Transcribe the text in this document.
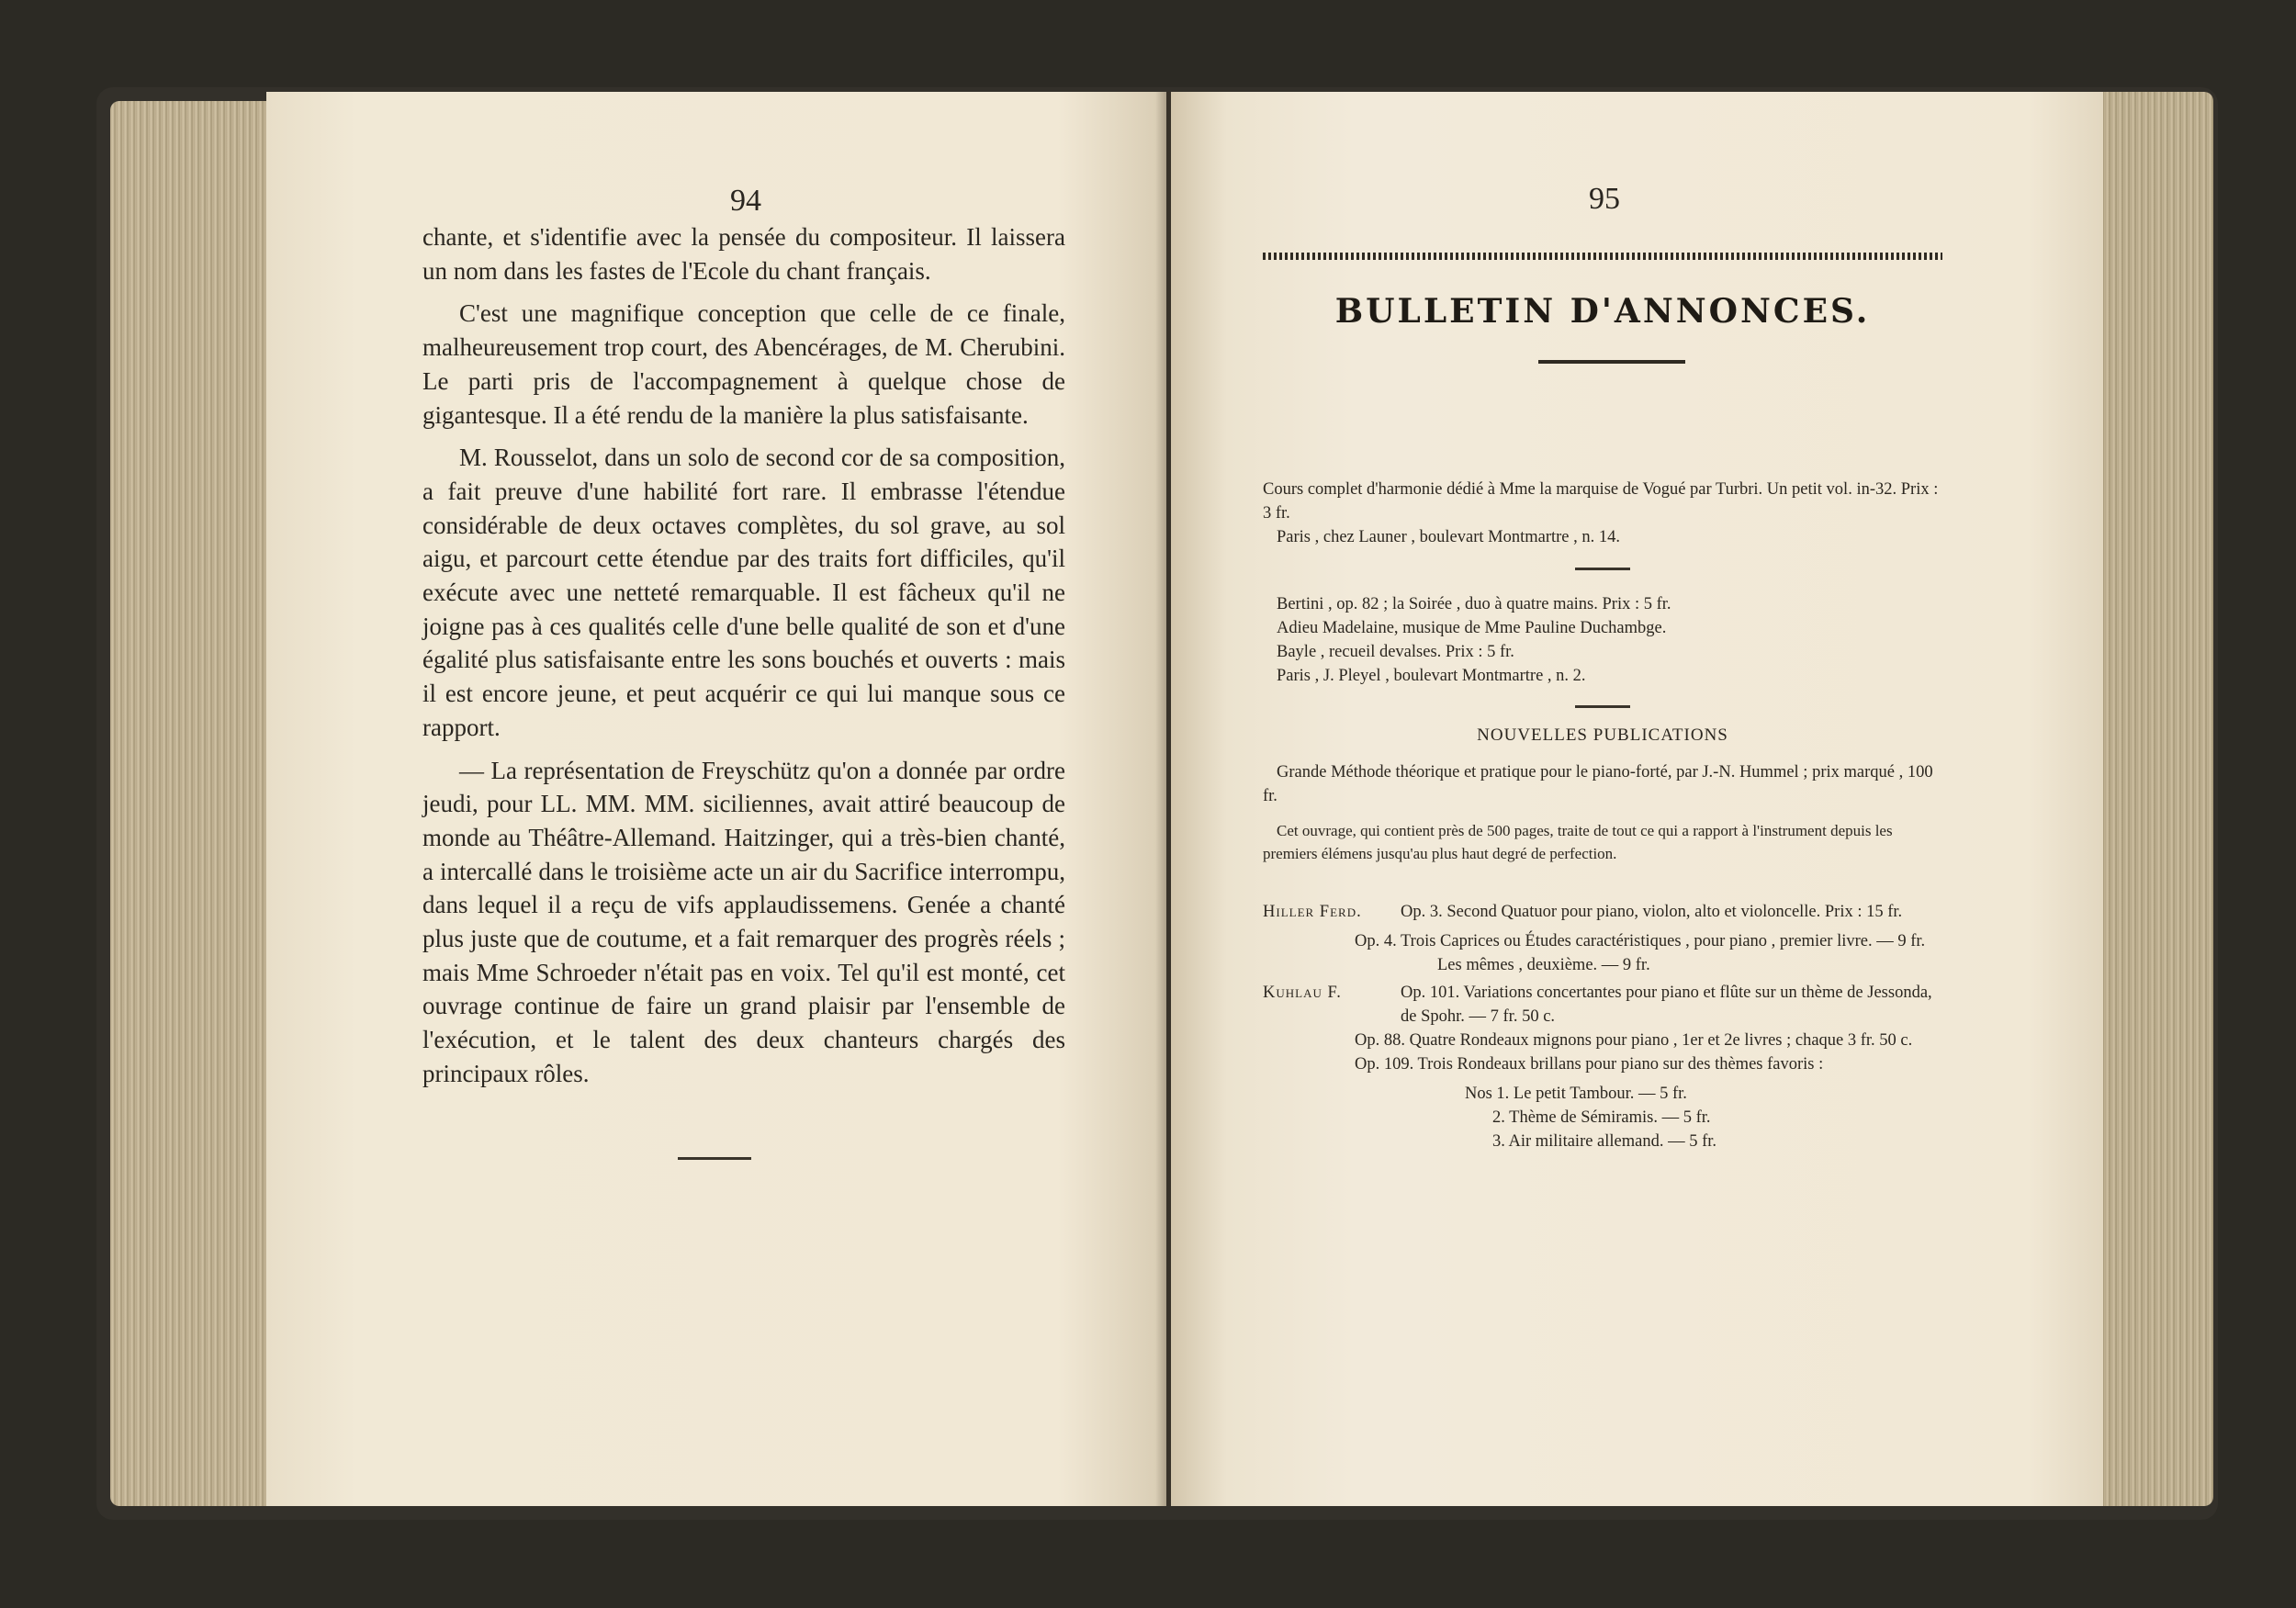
94

chante, et s'identifie avec la pensée du compositeur. Il laissera un nom dans les fastes de l'Ecole du chant français.

C'est une magnifique conception que celle de ce finale, malheureusement trop court, des Abencérages, de M. Cherubini. Le parti pris de l'accompagnement à quelque chose de gigantesque. Il a été rendu de la manière la plus satisfaisante.

M. Rousselot, dans un solo de second cor de sa composition, a fait preuve d'une habilité fort rare. Il embrasse l'étendue considérable de deux octaves complètes, du sol grave, au sol aigu, et parcourt cette étendue par des traits fort difficiles, qu'il exécute avec une netteté remarquable. Il est fâcheux qu'il ne joigne pas à ces qualités celle d'une belle qualité de son et d'une égalité plus satisfaisante entre les sons bouchés et ouverts : mais il est encore jeune, et peut acquérir ce qui lui manque sous ce rapport.

— La représentation de Freyschütz qu'on a donnée par ordre jeudi, pour LL. MM. MM. siciliennes, avait attiré beaucoup de monde au Théâtre-Allemand. Haitzinger, qui a très-bien chanté, a intercallé dans le troisième acte un air du Sacrifice interrompu, dans lequel il a reçu de vifs applaudissemens. Genée a chanté plus juste que de coutume, et a fait remarquer des progrès réels ; mais Mme Schroeder n'était pas en voix. Tel qu'il est monté, cet ouvrage continue de faire un grand plaisir par l'ensemble de l'exécution, et le talent des deux chanteurs chargés des principaux rôles.

95
BULLETIN D'ANNONCES.

Cours complet d'harmonie dédié à Mme la marquise de Vogué par Turbri. Un petit vol. in-32. Prix : 3 fr.

Paris , chez Launer , boulevart Montmartre , n. 14.

Bertini , op. 82 ; la Soirée , duo à quatre mains. Prix : 5 fr.

Adieu Madelaine, musique de Mme Pauline Duchambge.

Bayle , recueil devalses. Prix : 5 fr.

Paris , J. Pleyel , boulevart Montmartre , n. 2.

NOUVELLES PUBLICATIONS

Grande Méthode théorique et pratique pour le piano-forté, par J.-N. Hummel ; prix marqué , 100 fr.

Cet ouvrage, qui contient près de 500 pages, traite de tout ce qui a rapport à l'instrument depuis les premiers élémens jusqu'au plus haut degré de perfection.

Hiller Ferd.	Op. 3. Second Quatuor pour piano, violon, alto et violoncelle. Prix : 15 fr.
Op. 4. Trois Caprices ou Études caractéristiques , pour piano , premier livre. — 9 fr.
Les mêmes , deuxième. — 9 fr.
Kuhlau F.	Op. 101. Variations concertantes pour piano et flûte sur un thème de Jessonda, de Spohr. — 7 fr. 50 c.
Op. 88. Quatre Rondeaux mignons pour piano , 1er et 2e livres ; chaque 3 fr. 50 c.
Op. 109. Trois Rondeaux brillans pour piano sur des thèmes favoris :
Nos 1. Le petit Tambour. — 5 fr.
2. Thème de Sémiramis. — 5 fr.
3. Air militaire allemand. — 5 fr.
